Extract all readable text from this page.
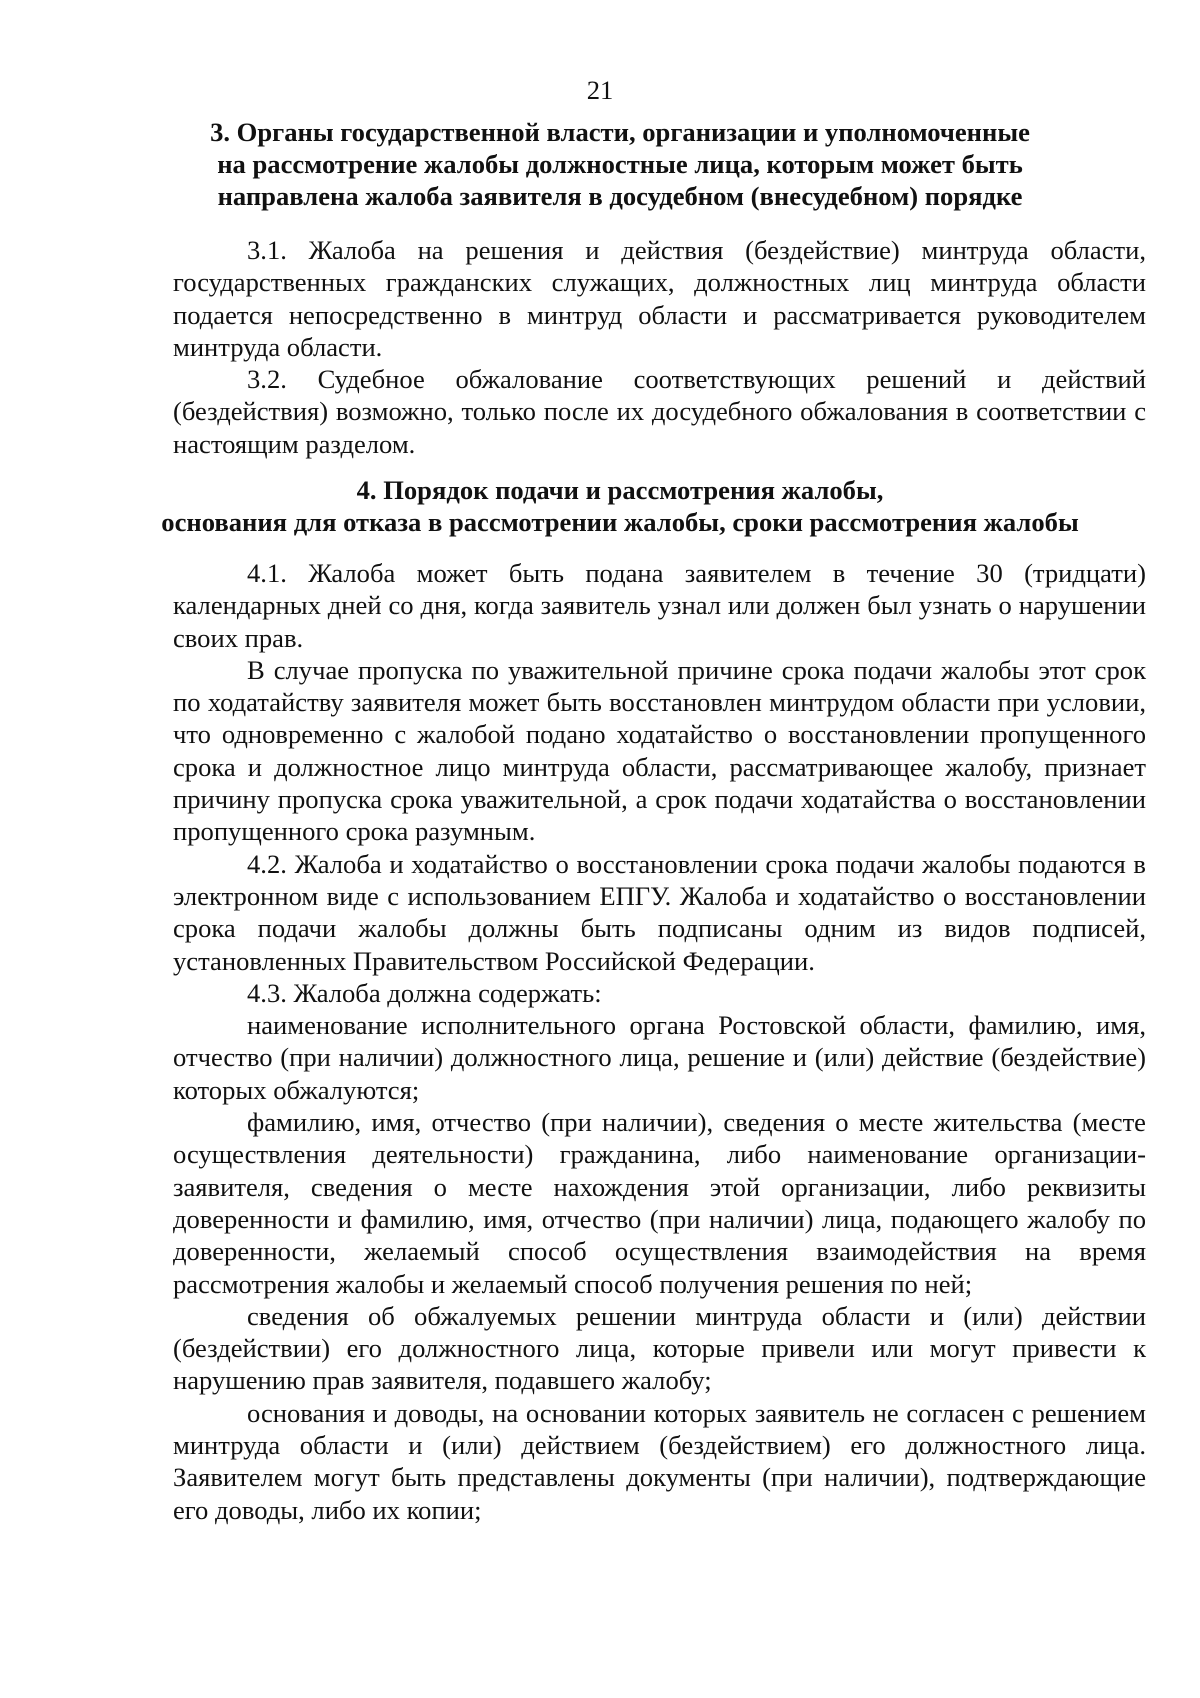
21
3. Органы государственной власти, организации и уполномоченные
на рассмотрение жалобы должностные лица, которым может быть
направлена жалоба заявителя в досудебном (внесудебном) порядке

3.1. Жалоба на решения и действия (бездействие) минтруда области, государственных гражданских служащих, должностных лиц минтруда области подается непосредственно в минтруд области и рассматривается руководителем минтруда области.

3.2. Судебное обжалование соответствующих решений и действий (бездействия) возможно, только после их досудебного обжалования в соответствии с настоящим разделом.

4. Порядок подачи и рассмотрения жалобы,
основания для отказа в рассмотрении жалобы, сроки рассмотрения жалобы

4.1. Жалоба может быть подана заявителем в течение 30 (тридцати) календарных дней со дня, когда заявитель узнал или должен был узнать о нарушении своих прав.

В случае пропуска по уважительной причине срока подачи жалобы этот срок по ходатайству заявителя может быть восстановлен минтрудом области при условии, что одновременно с жалобой подано ходатайство о восстановлении пропущенного срока и должностное лицо минтруда области, рассматривающее жалобу, признает причину пропуска срока уважительной, а срок подачи ходатайства о восстановлении пропущенного срока разумным.

4.2. Жалоба и ходатайство о восстановлении срока подачи жалобы подаются в электронном виде с использованием ЕПГУ. Жалоба и ходатайство о восстановлении срока подачи жалобы должны быть подписаны одним из видов подписей, установленных Правительством Российской Федерации.

4.3. Жалоба должна содержать:

наименование исполнительного органа Ростовской области, фамилию, имя, отчество (при наличии) должностного лица, решение и (или) действие (бездействие) которых обжалуются;

фамилию, имя, отчество (при наличии), сведения о месте жительства (месте осуществления деятельности) гражданина, либо наименование организации-заявителя, сведения о месте нахождения этой организации, либо реквизиты доверенности и фамилию, имя, отчество (при наличии) лица, подающего жалобу по доверенности, желаемый способ осуществления взаимодействия на время рассмотрения жалобы и желаемый способ получения решения по ней;

сведения об обжалуемых решении минтруда области и (или) действии (бездействии) его должностного лица, которые привели или могут привести к нарушению прав заявителя, подавшего жалобу;

основания и доводы, на основании которых заявитель не согласен с решением минтруда области и (или) действием (бездействием) его должностного лица. Заявителем могут быть представлены документы (при наличии), подтверждающие его доводы, либо их копии;
